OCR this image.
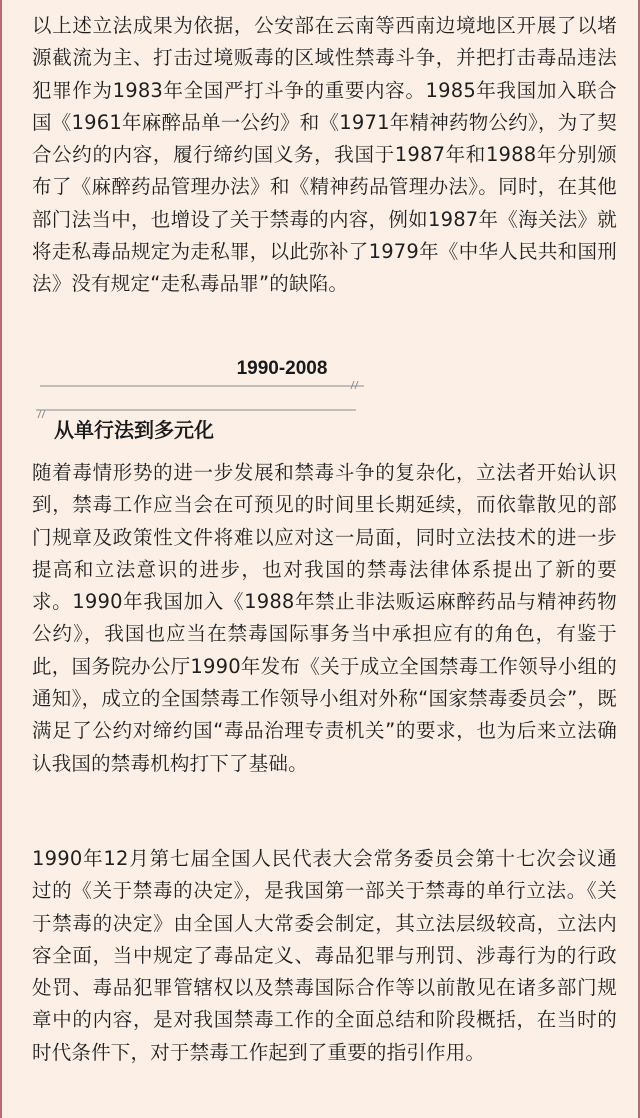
以上述立法成果为依据，公安部在云南等西南边境地区开展了以堵源截流为主、打击过境贩毒的区域性禁毒斗争，并把打击毒品违法犯罪作为1983年全国严打斗争的重要内容。1985年我国加入联合国《1961年麻醉品单一公约》和《1971年精神药物公约》，为了契合公约的内容，履行缔约国义务，我国于1987年和1988年分别颁布了《麻醉药品管理办法》和《精神药品管理办法》。同时，在其他部门法当中，也增设了关于禁毒的内容，例如1987年《海关法》就将走私毒品规定为走私罪，以此弥补了1979年《中华人民共和国刑法》没有规定“走私毒品罪”的缺陷。

1990-2008
从单行法到多元化

随着毒情形势的进一步发展和禁毒斗争的复杂化，立法者开始认识到，禁毒工作应当会在可预见的时间里长期延续，而依靠散见的部门规章及政策性文件将难以应对这一局面，同时立法技术的进一步提高和立法意识的进步，也对我国的禁毒法律体系提出了新的要求。1990年我国加入《1988年禁止非法贩运麻醉药品与精神药物公约》，我国也应当在禁毒国际事务当中承担应有的角色，有鉴于此，国务院办公厅1990年发布《关于成立全国禁毒工作领导小组的通知》，成立的全国禁毒工作领导小组对外称“国家禁毒委员会”，既满足了公约对缔约国“毒品治理专责机关”的要求，也为后来立法确认我国的禁毒机构打下了基础。

1990年12月第七届全国人民代表大会常务委员会第十七次会议通过的《关于禁毒的决定》，是我国第一部关于禁毒的单行立法。《关于禁毒的决定》由全国人大常委会制定，其立法层级较高，立法内容全面，当中规定了毒品定义、毒品犯罪与刑罚、涉毒行为的行政处罚、毒品犯罪管辖权以及禁毒国际合作等以前散见在诸多部门规章中的内容，是对我国禁毒工作的全面总结和阶段概括，在当时的时代条件下，对于禁毒工作起到了重要的指引作用。
